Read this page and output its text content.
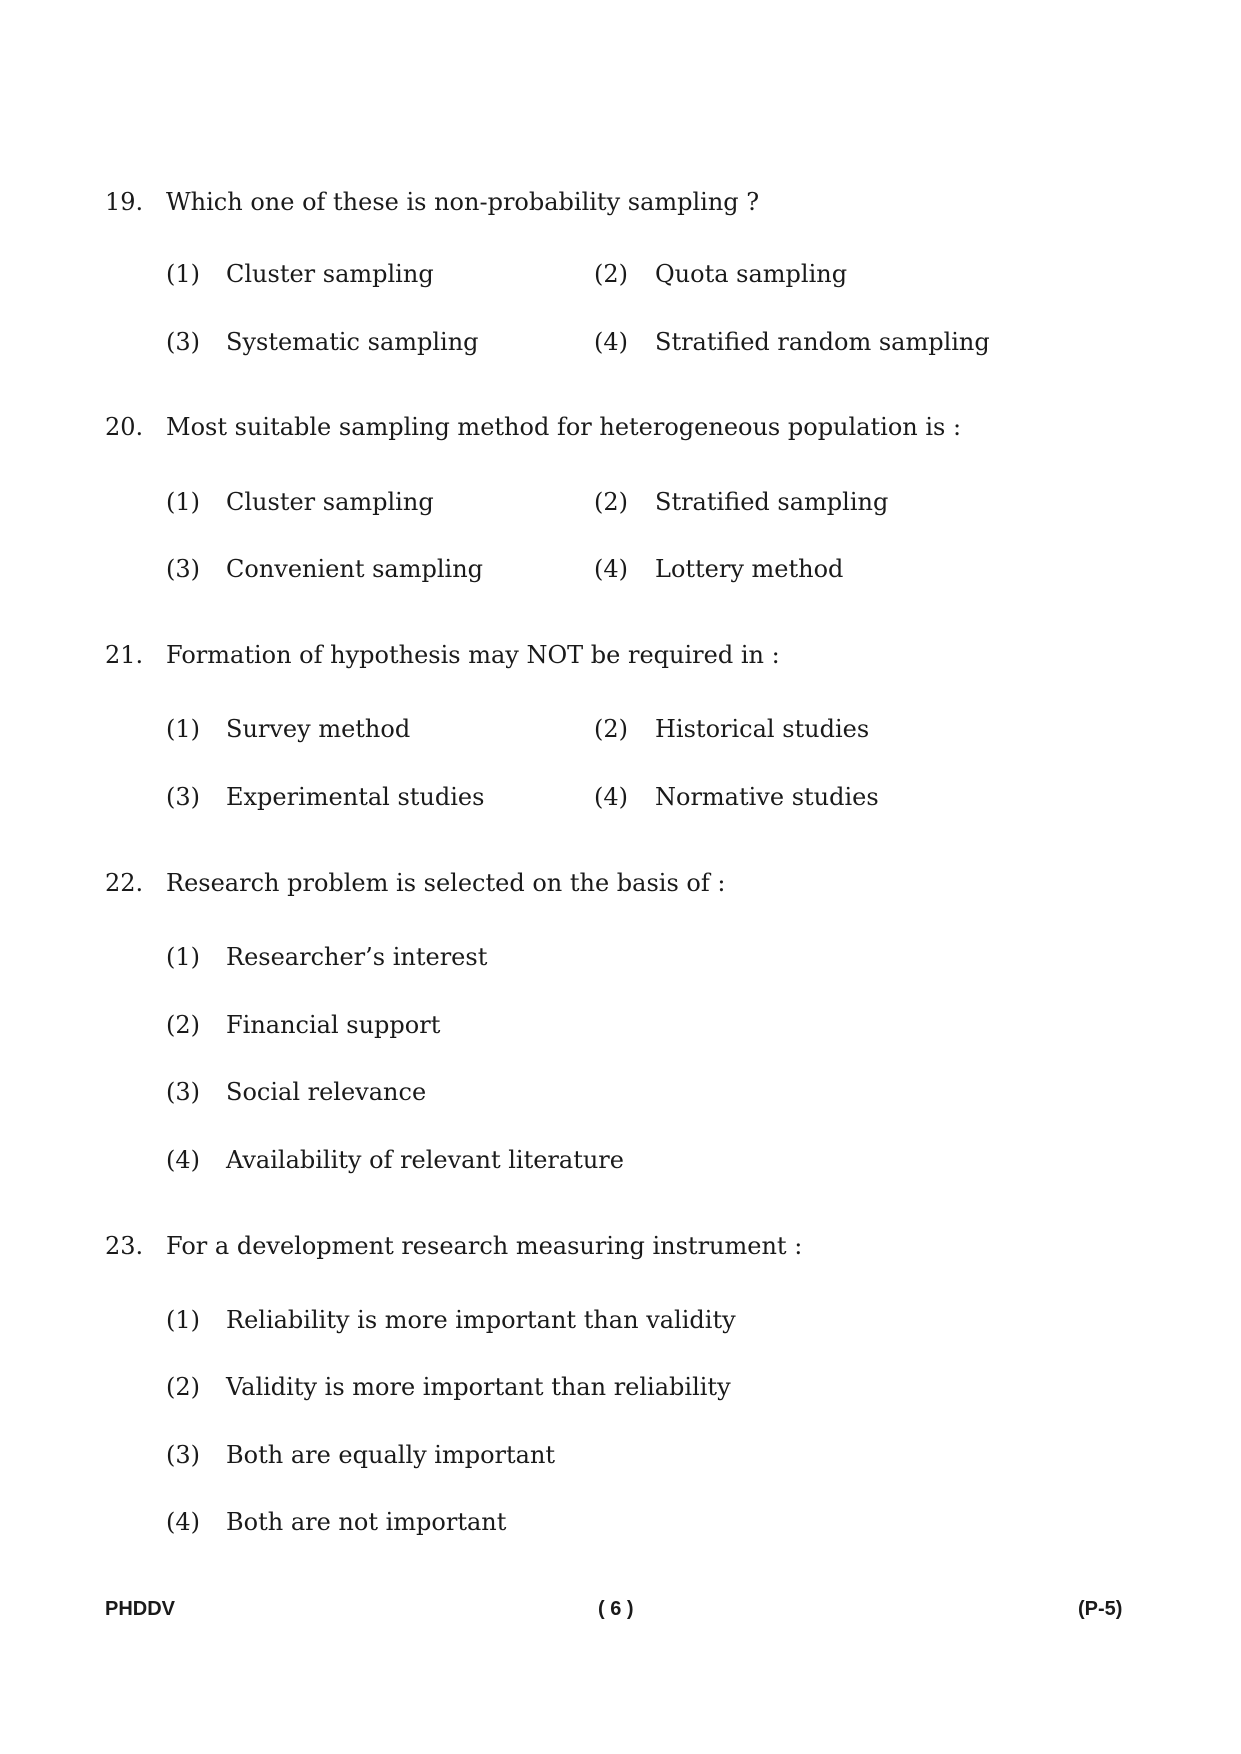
19. Which one of these is non-probability sampling ?
(1) Cluster sampling	(2) Quota sampling
(3) Systematic sampling	(4) Stratified random sampling
20. Most suitable sampling method for heterogeneous population is :
(1) Cluster sampling	(2) Stratified sampling
(3) Convenient sampling	(4) Lottery method
21. Formation of hypothesis may NOT be required in :
(1) Survey method	(2) Historical studies
(3) Experimental studies	(4) Normative studies
22. Research problem is selected on the basis of :
(1) Researcher’s interest
(2) Financial support
(3) Social relevance
(4) Availability of relevant literature
23. For a development research measuring instrument :
(1) Reliability is more important than validity
(2) Validity is more important than reliability
(3) Both are equally important
(4) Both are not important
PHDDV	( 6 )	(P-5)
